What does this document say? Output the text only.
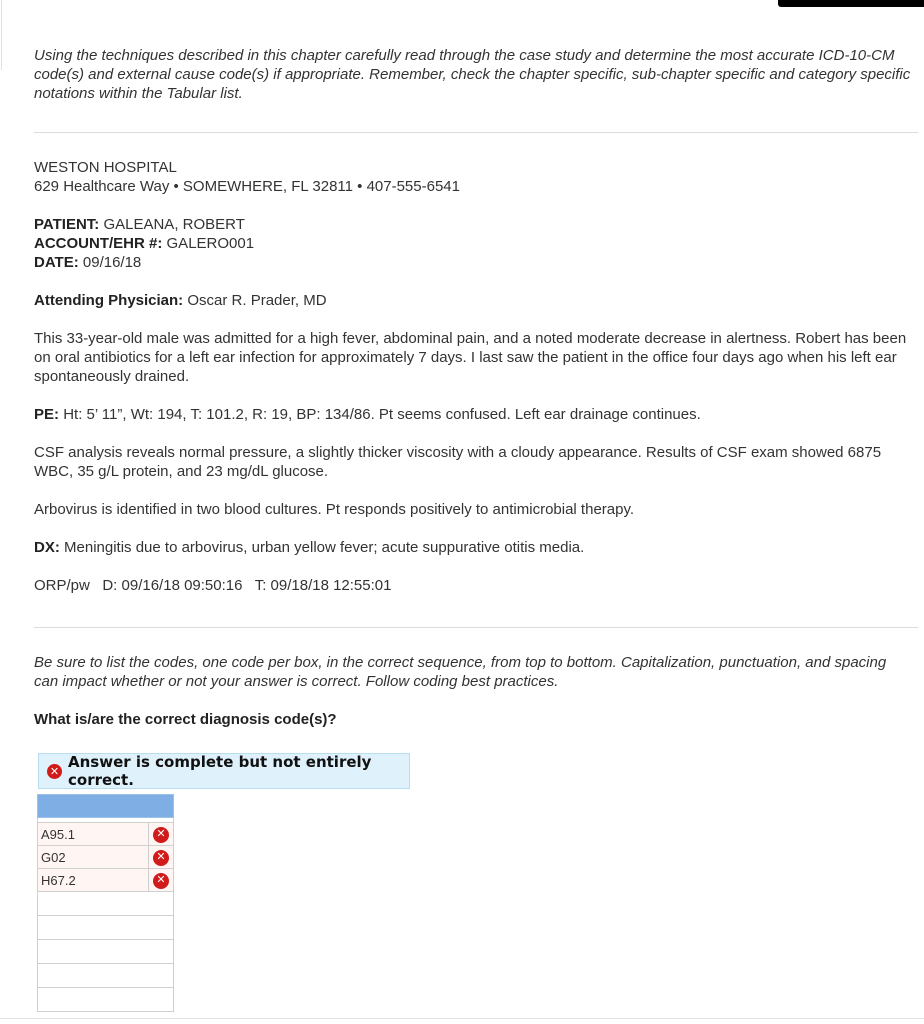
Using the techniques described in this chapter carefully read through the case study and determine the most accurate ICD-10-CM code(s) and external cause code(s) if appropriate. Remember, check the chapter specific, sub-chapter specific and category specific notations within the Tabular list.

WESTON HOSPITAL

629 Healthcare Way • SOMEWHERE, FL 32811 • 407-555-6541

PATIENT: GALEANA, ROBERT

ACCOUNT/EHR #: GALERO001

DATE: 09/16/18

Attending Physician: Oscar R. Prader, MD

This 33-year-old male was admitted for a high fever, abdominal pain, and a noted moderate decrease in alertness. Robert has been on oral antibiotics for a left ear infection for approximately 7 days. I last saw the patient in the office four days ago when his left ear spontaneously drained.

PE: Ht: 5’ 11”, Wt: 194, T: 101.2, R: 19, BP: 134/86. Pt seems confused. Left ear drainage continues.

CSF analysis reveals normal pressure, a slightly thicker viscosity with a cloudy appearance. Results of CSF exam showed 6875 WBC, 35 g/L protein, and 23 mg/dL glucose.

Arbovirus is identified in two blood cultures. Pt responds positively to antimicrobial therapy.

DX: Meningitis due to arbovirus, urban yellow fever; acute suppurative otitis media.

ORP/pw   D: 09/16/18 09:50:16   T: 09/18/18 12:55:01

Be sure to list the codes, one code per box, in the correct sequence, from top to bottom. Capitalization, punctuation, and spacing can impact whether or not your answer is correct. Follow coding best practices.

What is/are the correct diagnosis code(s)?

✕ Answer is complete but not entirely correct.

A95.1	✕
G02	✕
H67.2	✕
